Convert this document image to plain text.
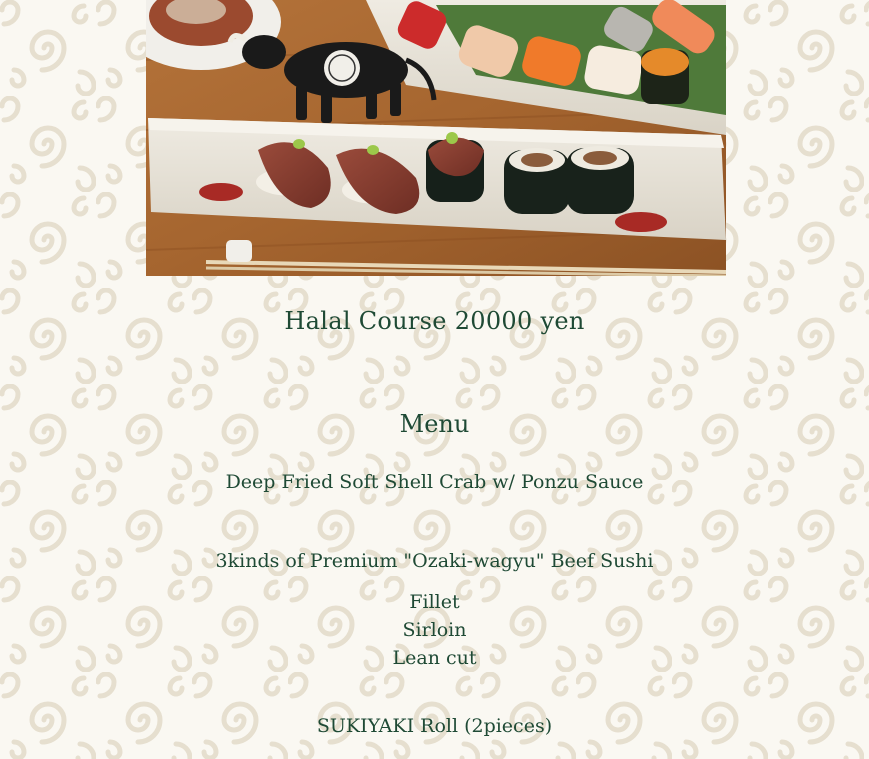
Halal Course 20000 yen
Menu
Deep Fried Soft Shell Crab w/ Ponzu Sauce
3kinds of Premium "Ozaki-wagyu" Beef Sushi
Fillet
Sirloin
Lean cut
SUKIYAKI Roll (2pieces)
